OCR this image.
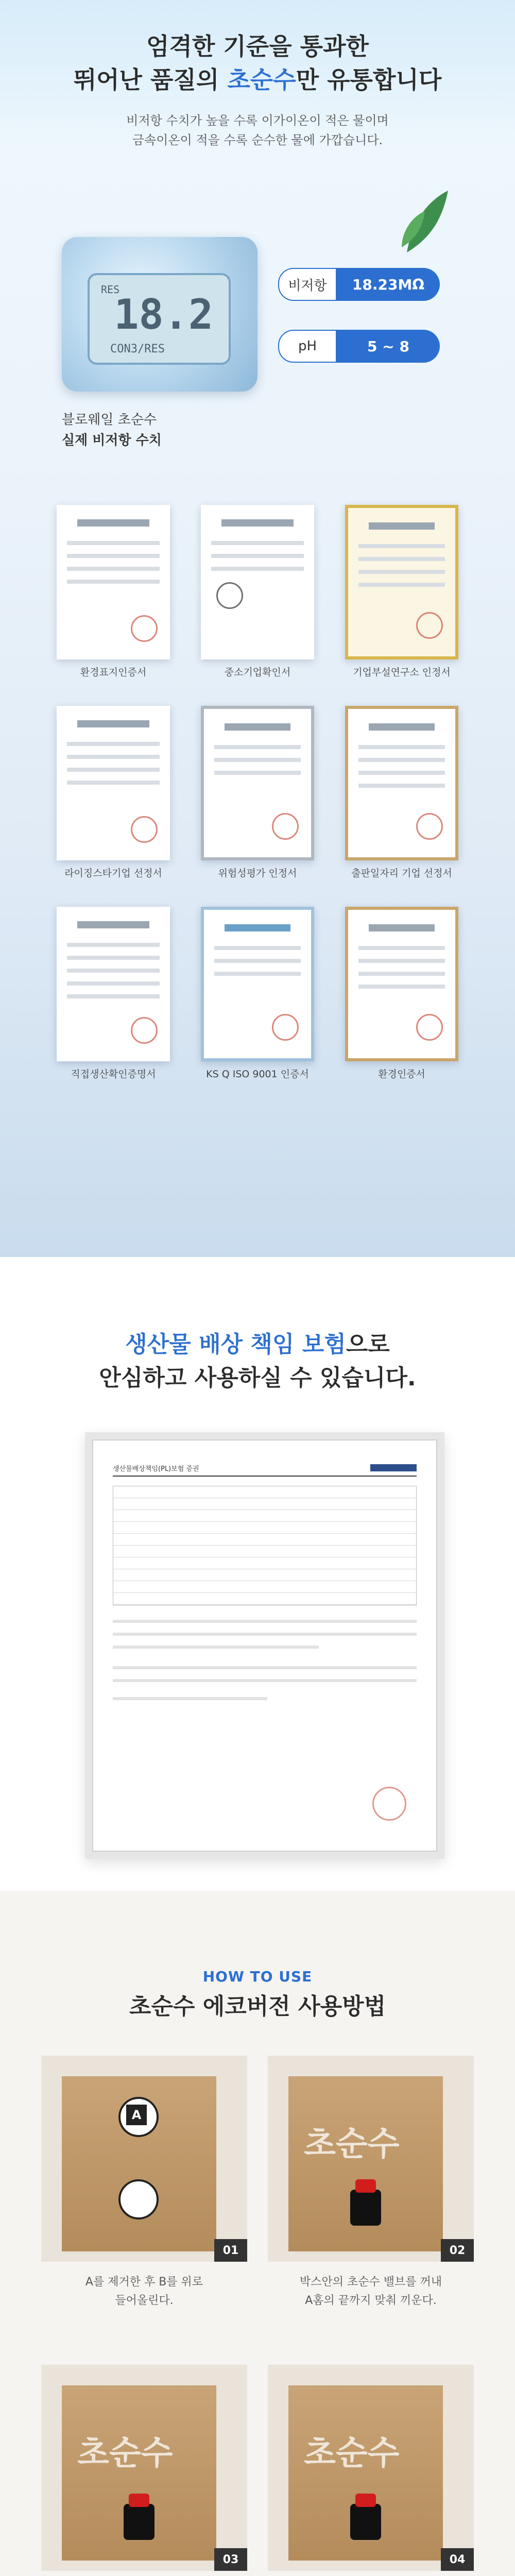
엄격한 기준을 통과한
뛰어난 품질의 초순수만 유통합니다
비저항 수치가 높을 수록 이가이온이 적은 물이며
금속이온이 적을 수록 순수한 물에 가깝습니다.
RES
18.2
CON3/RES
블로웨일 초순수
실제 비저항 수치
비저항	18.23MΩ
pH	5 ~ 8
환경표지인증서	중소기업확인서	기업부설연구소 인정서
라이징스타기업 선정서	위험성평가 인정서	출판일자리 기업 선정서
직접생산확인증명서	KS Q ISO 9001 인증서	환경인증서
생산물 배상 책임 보험으로
안심하고 사용하실 수 있습니다.
생산물배상책임(PL)보험 증권
HOW TO USE
초순수 에코버전 사용방법
A
01
A를 제거한 후 B를 위로
들어올린다.
초순수
02
박스안의 초순수 밸브를 꺼내
A홈의 끝까지 맞춰 끼운다.
초순수
03
초순수
04
